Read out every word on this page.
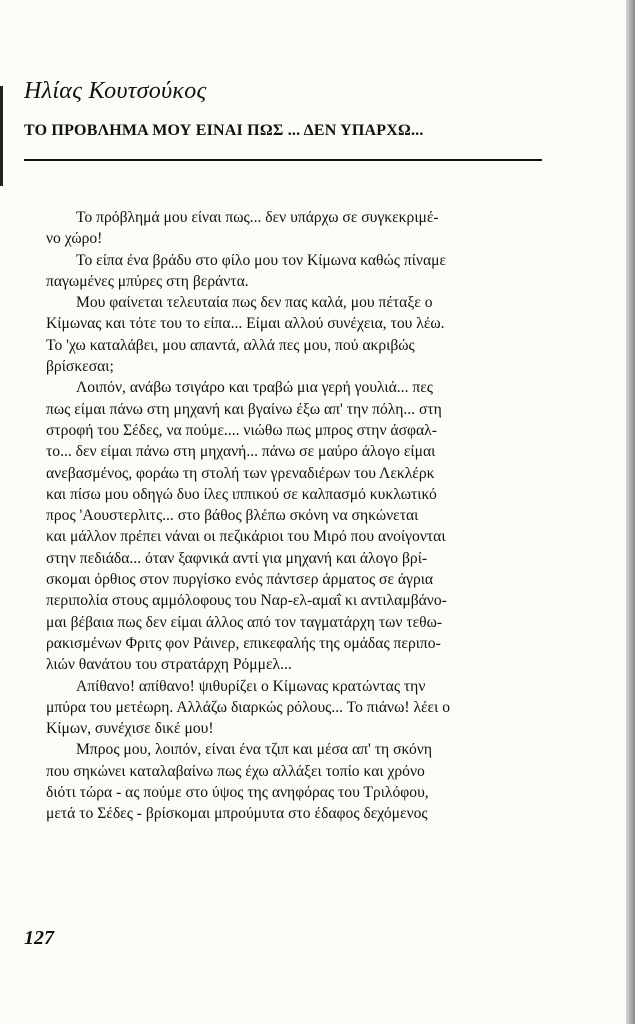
Ηλίας Κουτσούκος
ΤΟ ΠΡΟΒΛΗΜΑ ΜΟΥ ΕΙΝΑΙ ΠΩΣ ... ΔΕΝ ΥΠΑΡΧΩ...
Το πρόβλημά μου είναι πως... δεν υπάρχω σε συγκεκριμέ-
νο χώρο!
Το είπα ένα βράδυ στο φίλο μου τον Κίμωνα καθώς πίναμε
παγωμένες μπύρες στη βεράντα.
Μου φαίνεται τελευταία πως δεν πας καλά, μου πέταξε ο
Κίμωνας και τότε του το είπα... Είμαι αλλού συνέχεια, του λέω.
Το 'χω καταλάβει, μου απαντά, αλλά πες μου, πού ακριβώς
βρίσκεσαι;
Λοιπόν, ανάβω τσιγάρο και τραβώ μια γερή γουλιά... πες
πως είμαι πάνω στη μηχανή και βγαίνω έξω απ' την πόλη... στη
στροφή του Σέδες, να πούμε.... νιώθω πως μπρος στην άσφαλ-
το... δεν είμαι πάνω στη μηχανή... πάνω σε μαύρο άλογο είμαι
ανεβασμένος, φοράω τη στολή των γρεναδιέρων του Λεκλέρκ
και πίσω μου οδηγώ δυο ίλες ιππικού σε καλπασμό κυκλωτικό
προς 'Αουστερλιτς... στο βάθος βλέπω σκόνη να σηκώνεται
και μάλλον πρέπει νάναι οι πεζικάριοι του Μιρό που ανοίγονται
στην πεδιάδα... όταν ξαφνικά αντί για μηχανή και άλογο βρί-
σκομαι όρθιος στον πυργίσκο ενός πάντσερ άρματος σε άγρια
περιπολία στους αμμόλοφους του Ναρ-ελ-αμαΐ κι αντιλαμβάνο-
μαι βέβαια πως δεν είμαι άλλος από τον ταγματάρχη των τεθω-
ρακισμένων Φριτς φον Ράινερ, επικεφαλής της ομάδας περιπο-
λιών θανάτου του στρατάρχη Ρόμμελ...
Απίθανο! απίθανο! ψιθυρίζει ο Κίμωνας κρατώντας την
μπύρα του μετέωρη. Αλλάζω διαρκώς ρόλους... Το πιάνω! λέει ο
Κίμων, συνέχισε δικέ μου!
Μπρος μου, λοιπόν, είναι ένα τζιπ και μέσα απ' τη σκόνη
που σηκώνει καταλαβαίνω πως έχω αλλάξει τοπίο και χρόνο
διότι τώρα - ας πούμε στο ύψος της ανηφόρας του Τριλόφου,
μετά το Σέδες - βρίσκομαι μπρούμυτα στο έδαφος δεχόμενος
127
